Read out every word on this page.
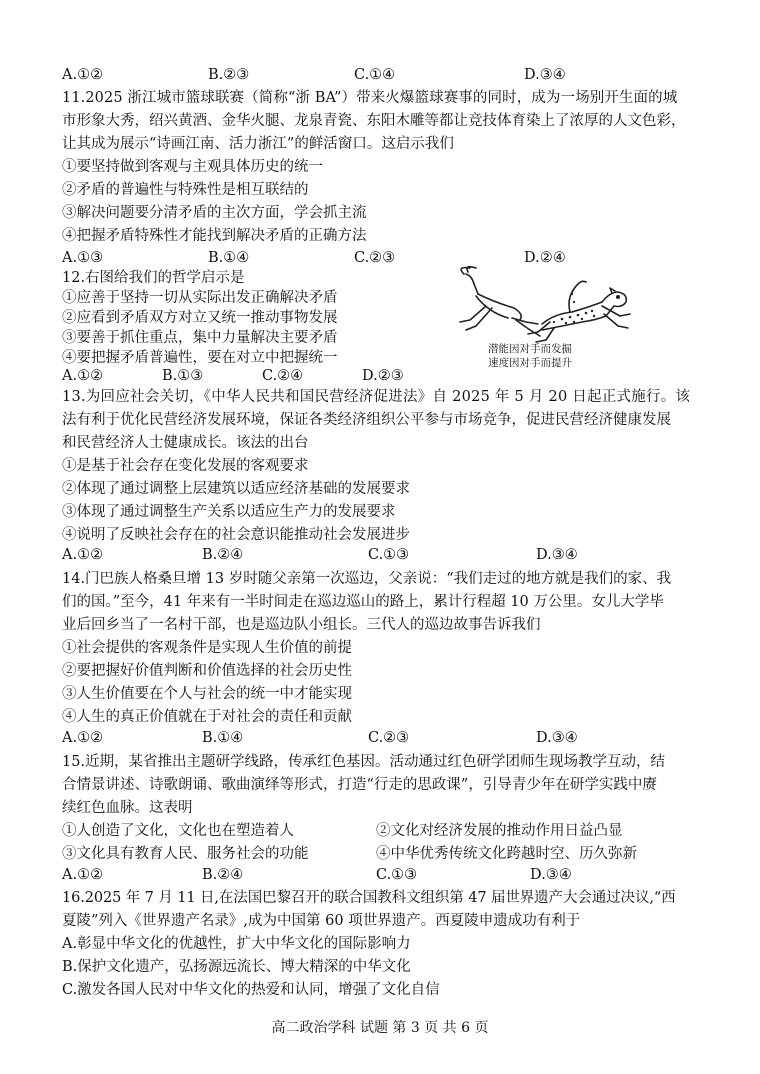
A.①②	B.②③	C.①④	D.③④
11.2025 浙江城市篮球联赛（简称“浙 BA”）带来火爆篮球赛事的同时，成为一场别开生面的城
市形象大秀，绍兴黄酒、金华火腿、龙泉青瓷、东阳木雕等都让竞技体育染上了浓厚的人文色彩，
让其成为展示“诗画江南、活力浙江”的鲜活窗口。这启示我们
①要坚持做到客观与主观具体历史的统一
②矛盾的普遍性与特殊性是相互联结的
③解决问题要分清矛盾的主次方面，学会抓主流
④把握矛盾特殊性才能找到解决矛盾的正确方法
A.①③	B.①④	C.②③	D.②④
12.右图给我们的哲学启示是
①应善于坚持一切从实际出发正确解决矛盾
②应看到矛盾双方对立又统一推动事物发展
③要善于抓住重点，集中力量解决主要矛盾
④要把握矛盾普遍性，要在对立中把握统一
A.①②	B.①③	C.②④	D.②③
潜能因对手而发掘
速度因对手而提升
13.为回应社会关切，《中华人民共和国民营经济促进法》自 2025 年 5 月 20 日起正式施行。该
法有利于优化民营经济发展环境，保证各类经济组织公平参与市场竞争，促进民营经济健康发展
和民营经济人士健康成长。该法的出台
①是基于社会存在变化发展的客观要求
②体现了通过调整上层建筑以适应经济基础的发展要求
③体现了通过调整生产关系以适应生产力的发展要求
④说明了反映社会存在的社会意识能推动社会发展进步
A.①②	B.②④	C.①③	D.③④
14.门巴族人格桑旦增 13 岁时随父亲第一次巡边，父亲说：“我们走过的地方就是我们的家、我
们的国。”至今，41 年来有一半时间走在巡边巡山的路上，累计行程超 10 万公里。女儿大学毕
业后回乡当了一名村干部，也是巡边队小组长。三代人的巡边故事告诉我们
①社会提供的客观条件是实现人生价值的前提
②要把握好价值判断和价值选择的社会历史性
③人生价值要在个人与社会的统一中才能实现
④人生的真正价值就在于对社会的责任和贡献
A.①②	B.①④	C.②③	D.③④
15.近期，某省推出主题研学线路，传承红色基因。活动通过红色研学团师生现场教学互动，结
合情景讲述、诗歌朗诵、歌曲演绎等形式，打造“行走的思政课”，引导青少年在研学实践中赓
续红色血脉。这表明
①人创造了文化，文化也在塑造着人	②文化对经济发展的推动作用日益凸显
③文化具有教育人民、服务社会的功能	④中华优秀传统文化跨越时空、历久弥新
A.①②	B.②④	C.①③	D.③④
16.2025 年 7 月 11 日,在法国巴黎召开的联合国教科文组织第 47 届世界遗产大会通过决议,“西
夏陵”列入《世界遗产名录》,成为中国第 60 项世界遗产。西夏陵申遗成功有利于
A.彰显中华文化的优越性，扩大中华文化的国际影响力
B.保护文化遗产，弘扬源远流长、博大精深的中华文化
C.激发各国人民对中华文化的热爱和认同，增强了文化自信
高二政治学科 试题 第 3 页 共 6 页
